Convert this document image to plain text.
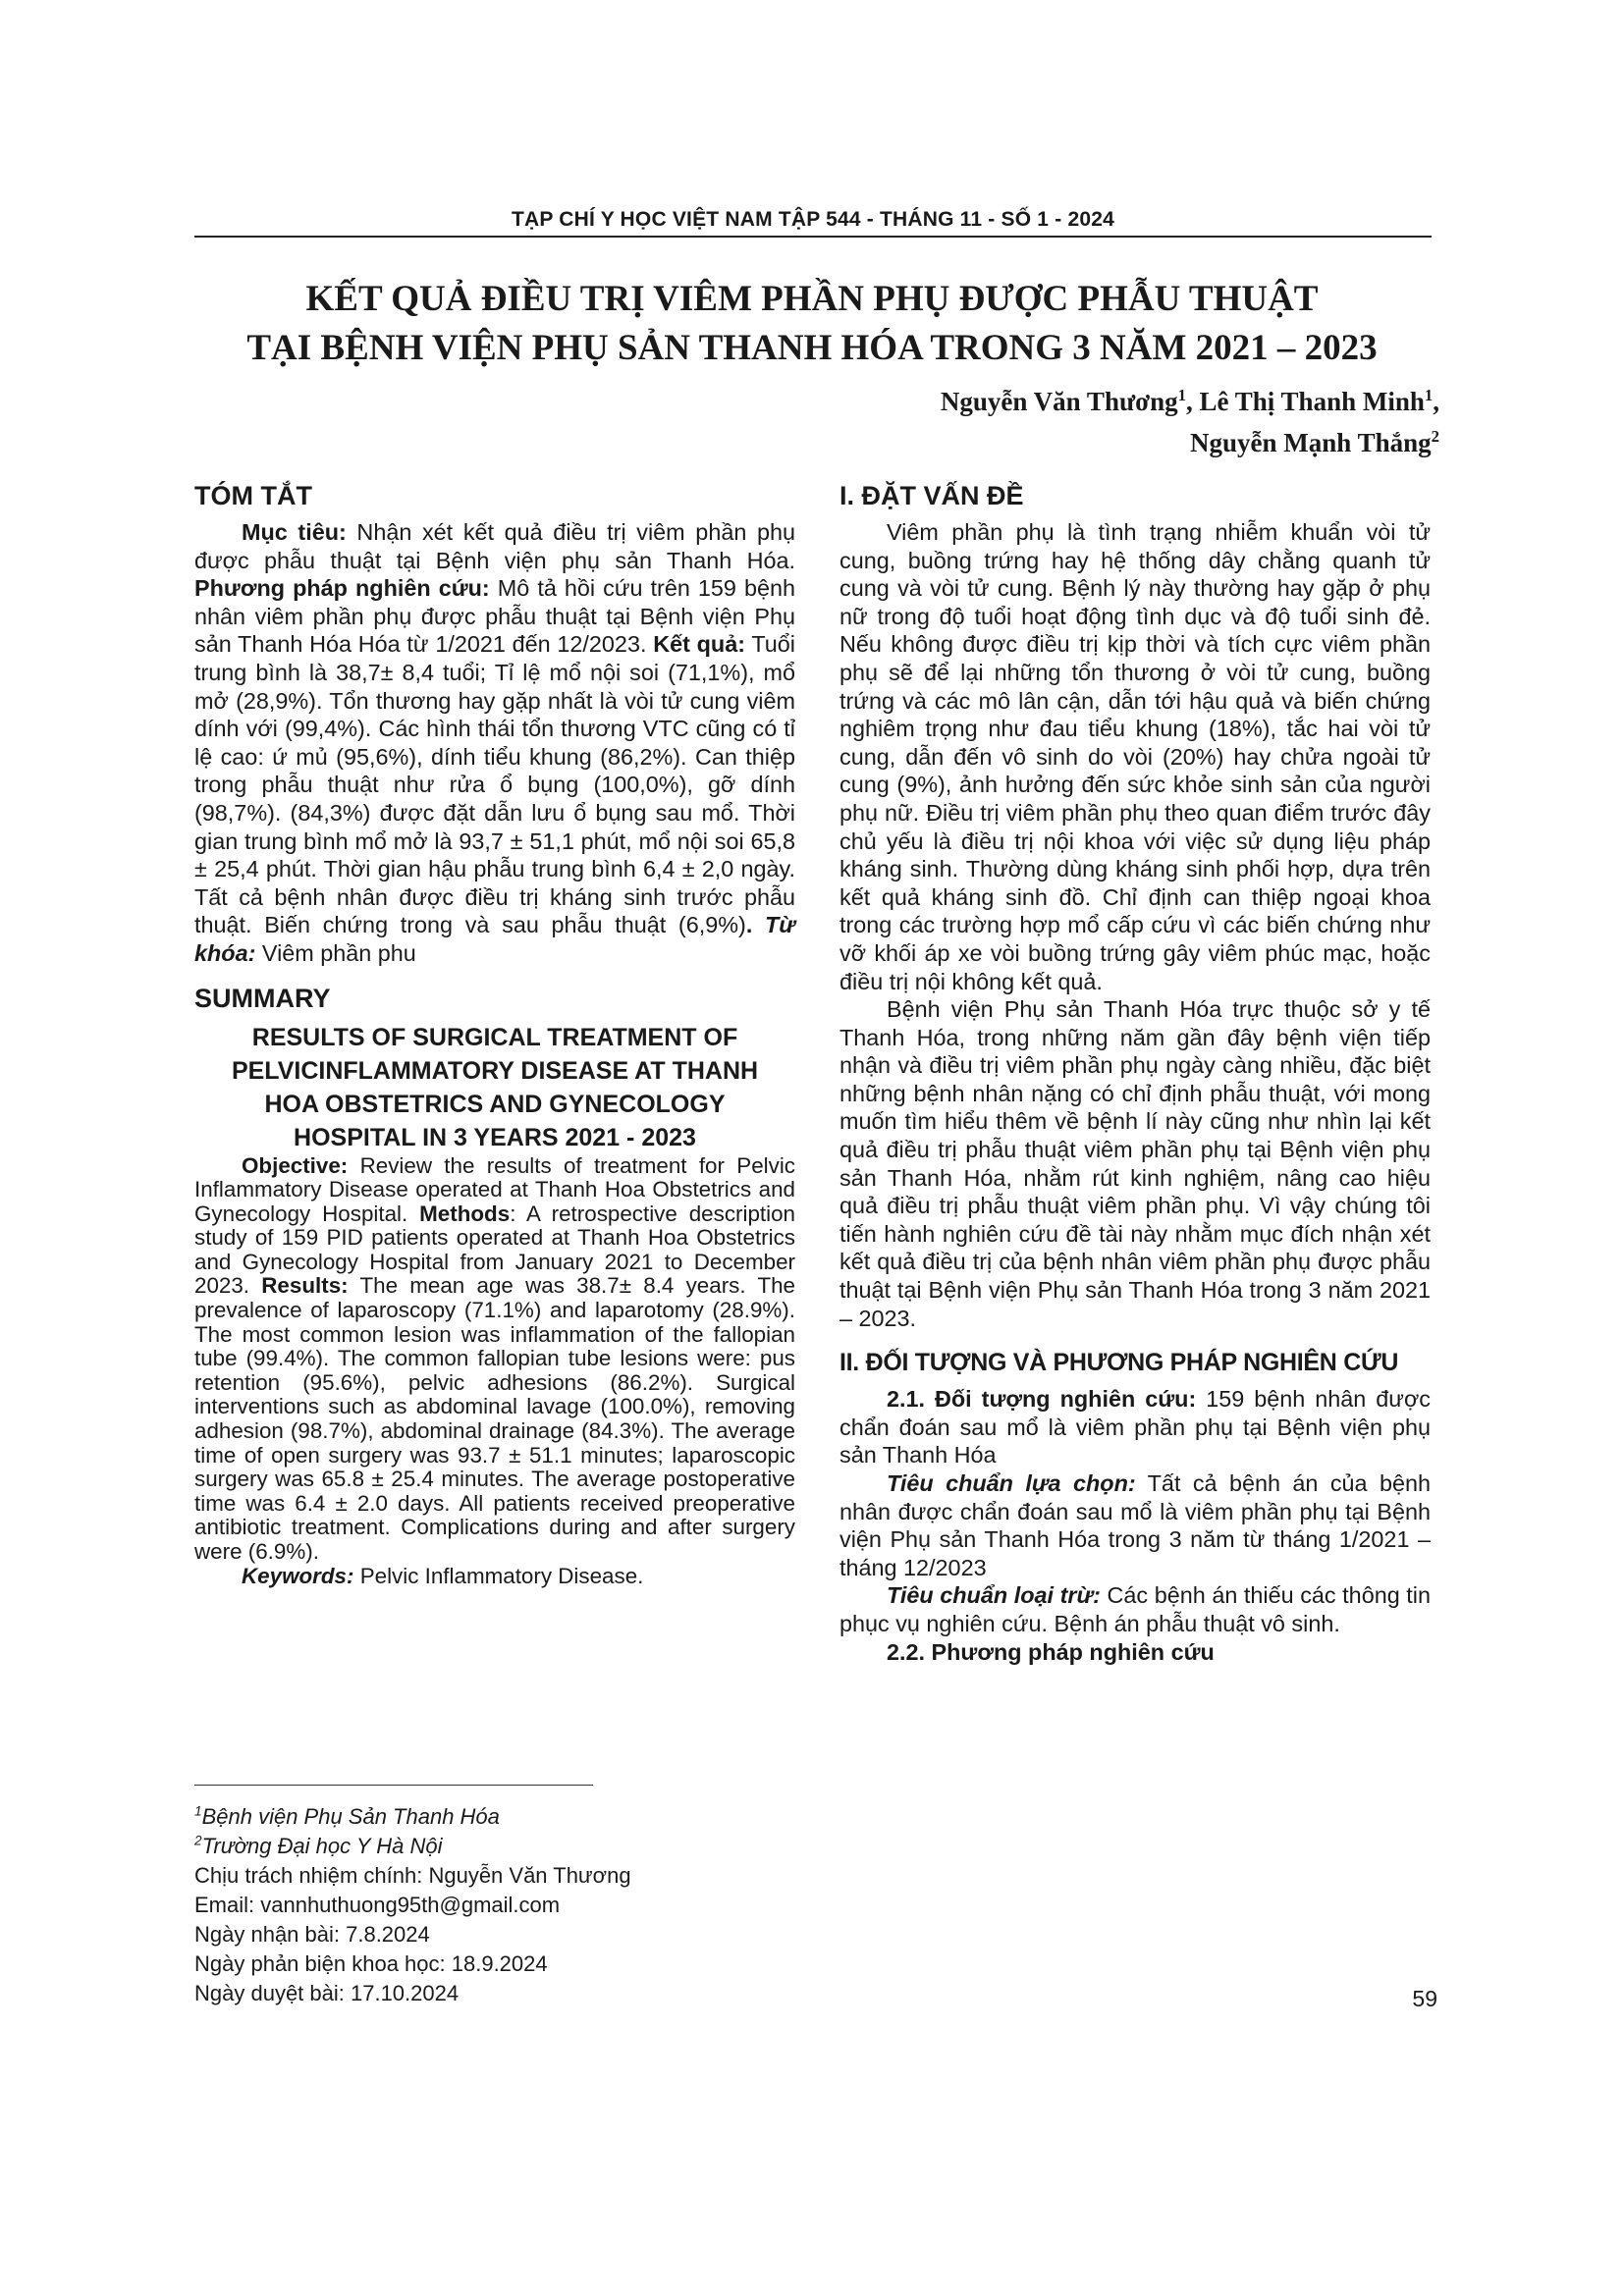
TẠP CHÍ Y HỌC VIỆT NAM TẬP 544 - THÁNG 11 - SỐ 1 - 2024
KẾT QUẢ ĐIỀU TRỊ VIÊM PHẦN PHỤ ĐƯỢC PHẪU THUẬT
TẠI BỆNH VIỆN PHỤ SẢN THANH HÓA TRONG 3 NĂM 2021 – 2023
Nguyễn Văn Thương$^1$, Lê Thị Thanh Minh$^1$,
Nguyễn Mạnh Thắng$^2$
TÓM TẮT

Mục tiêu: Nhận xét kết quả điều trị viêm phần phụ được phẫu thuật tại Bệnh viện phụ sản Thanh Hóa. Phương pháp nghiên cứu: Mô tả hồi cứu trên 159 bệnh nhân viêm phần phụ được phẫu thuật tại Bệnh viện Phụ sản Thanh Hóa Hóa từ 1/2021 đến 12/2023. Kết quả: Tuổi trung bình là 38,7± 8,4 tuổi; Tỉ lệ mổ nội soi (71,1%), mổ mở (28,9%). Tổn thương hay gặp nhất là vòi tử cung viêm dính với (99,4%). Các hình thái tổn thương VTC cũng có tỉ lệ cao: ứ mủ (95,6%), dính tiểu khung (86,2%). Can thiệp trong phẫu thuật như rửa ổ bụng (100,0%), gỡ dính (98,7%). (84,3%) được đặt dẫn lưu ổ bụng sau mổ. Thời gian trung bình mổ mở là 93,7 ± 51,1 phút, mổ nội soi 65,8 ± 25,4 phút. Thời gian hậu phẫu trung bình 6,4 ± 2,0 ngày. Tất cả bệnh nhân được điều trị kháng sinh trước phẫu thuật. Biến chứng trong và sau phẫu thuật (6,9%). Từ khóa: Viêm phần phu

SUMMARY
RESULTS OF SURGICAL TREATMENT OF
PELVICINFLAMMATORY DISEASE AT THANH
HOA OBSTETRICS AND GYNECOLOGY
HOSPITAL IN 3 YEARS 2021 - 2023

Objective: Review the results of treatment for Pelvic Inflammatory Disease operated at Thanh Hoa Obstetrics and Gynecology Hospital. Methods: A retrospective description study of 159 PID patients operated at Thanh Hoa Obstetrics and Gynecology Hospital from January 2021 to December 2023. Results: The mean age was 38.7± 8.4 years. The prevalence of laparoscopy (71.1%) and laparotomy (28.9%). The most common lesion was inflammation of the fallopian tube (99.4%). The common fallopian tube lesions were: pus retention (95.6%), pelvic adhesions (86.2%). Surgical interventions such as abdominal lavage (100.0%), removing adhesion (98.7%), abdominal drainage (84.3%). The average time of open surgery was 93.7 ± 51.1 minutes; laparoscopic surgery was 65.8 ± 25.4 minutes. The average postoperative time was 6.4 ± 2.0 days. All patients received preoperative antibiotic treatment. Complications during and after surgery were (6.9%).

Keywords: Pelvic Inflammatory Disease.

$^1$Bệnh viện Phụ Sản Thanh Hóa
$^2$Trường Đại học Y Hà Nội
Chịu trách nhiệm chính: Nguyễn Văn Thương
Email: vannhuthuong95th@gmail.com
Ngày nhận bài: 7.8.2024
Ngày phản biện khoa học: 18.9.2024
Ngày duyệt bài: 17.10.2024
I. ĐẶT VẤN ĐỀ

Viêm phần phụ là tình trạng nhiễm khuẩn vòi tử cung, buồng trứng hay hệ thống dây chằng quanh tử cung và vòi tử cung. Bệnh lý này thường hay gặp ở phụ nữ trong độ tuổi hoạt động tình dục và độ tuổi sinh đẻ. Nếu không được điều trị kịp thời và tích cực viêm phần phụ sẽ để lại những tổn thương ở vòi tử cung, buồng trứng và các mô lân cận, dẫn tới hậu quả và biến chứng nghiêm trọng như đau tiểu khung (18%), tắc hai vòi tử cung, dẫn đến vô sinh do vòi (20%) hay chửa ngoài tử cung (9%), ảnh hưởng đến sức khỏe sinh sản của người phụ nữ. Điều trị viêm phần phụ theo quan điểm trước đây chủ yếu là điều trị nội khoa với việc sử dụng liệu pháp kháng sinh. Thường dùng kháng sinh phối hợp, dựa trên kết quả kháng sinh đồ. Chỉ định can thiệp ngoại khoa trong các trường hợp mổ cấp cứu vì các biến chứng như vỡ khối áp xe vòi buồng trứng gây viêm phúc mạc, hoặc điều trị nội không kết quả.

Bệnh viện Phụ sản Thanh Hóa trực thuộc sở y tế Thanh Hóa, trong những năm gần đây bệnh viện tiếp nhận và điều trị viêm phần phụ ngày càng nhiều, đặc biệt những bệnh nhân nặng có chỉ định phẫu thuật, với mong muốn tìm hiểu thêm về bệnh lí này cũng như nhìn lại kết quả điều trị phẫu thuật viêm phần phụ tại Bệnh viện phụ sản Thanh Hóa, nhằm rút kinh nghiệm, nâng cao hiệu quả điều trị phẫu thuật viêm phần phụ. Vì vậy chúng tôi tiến hành nghiên cứu đề tài này nhằm mục đích nhận xét kết quả điều trị của bệnh nhân viêm phần phụ được phẫu thuật tại Bệnh viện Phụ sản Thanh Hóa trong 3 năm 2021 – 2023.

II. ĐỐI TƯỢNG VÀ PHƯƠNG PHÁP NGHIÊN CỨU

2.1. Đối tượng nghiên cứu: 159 bệnh nhân được chẩn đoán sau mổ là viêm phần phụ tại Bệnh viện phụ sản Thanh Hóa

Tiêu chuẩn lựa chọn: Tất cả bệnh án của bệnh nhân được chẩn đoán sau mổ là viêm phần phụ tại Bệnh viện Phụ sản Thanh Hóa trong 3 năm từ tháng 1/2021 – tháng 12/2023

Tiêu chuẩn loại trừ: Các bệnh án thiếu các thông tin phục vụ nghiên cứu. Bệnh án phẫu thuật vô sinh.

2.2. Phương pháp nghiên cứu

59
